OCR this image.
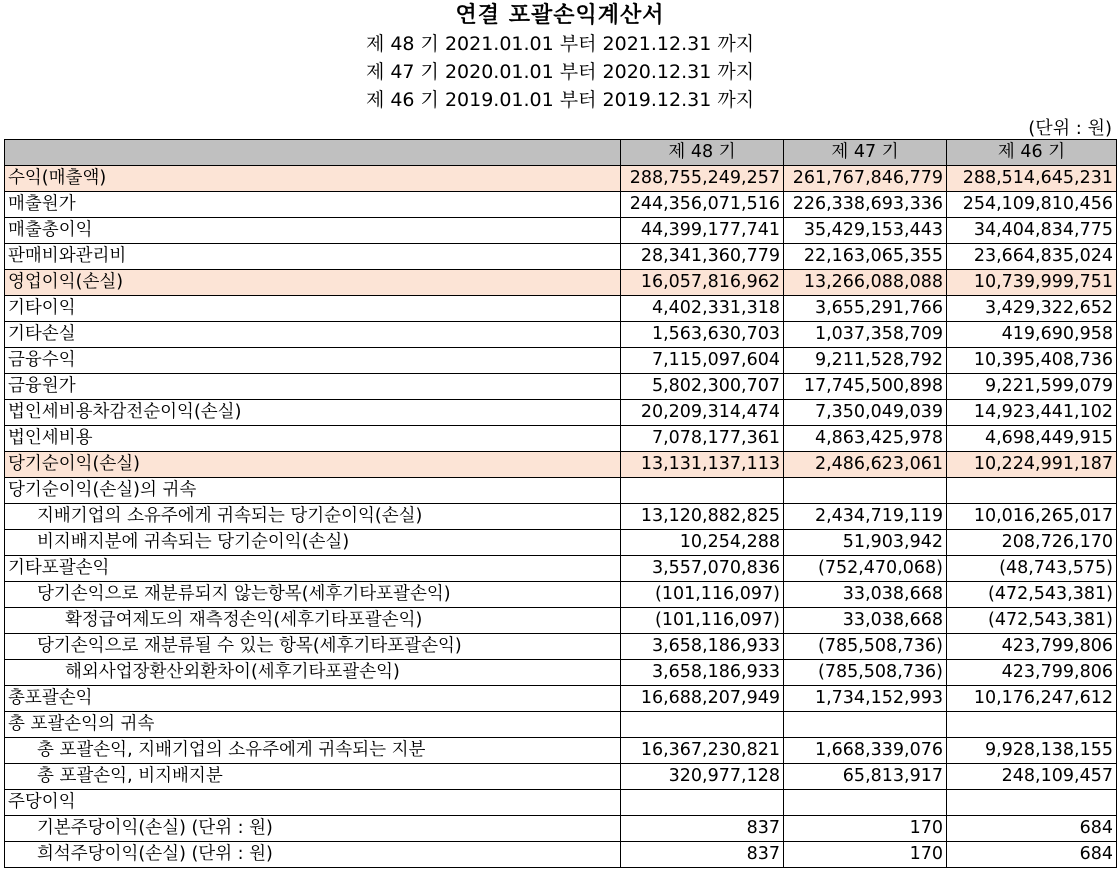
연결 포괄손익계산서
제 48 기 2021.01.01 부터 2021.12.31 까지
제 47 기 2020.01.01 부터 2020.12.31 까지
제 46 기 2019.01.01 부터 2019.12.31 까지
(단위 : 원)
	제 48 기	제 47 기	제 46 기
수익(매출액)	288,755,249,257	261,767,846,779	288,514,645,231
매출원가	244,356,071,516	226,338,693,336	254,109,810,456
매출총이익	44,399,177,741	35,429,153,443	34,404,834,775
판매비와관리비	28,341,360,779	22,163,065,355	23,664,835,024
영업이익(손실)	16,057,816,962	13,266,088,088	10,739,999,751
기타이익	4,402,331,318	3,655,291,766	3,429,322,652
기타손실	1,563,630,703	1,037,358,709	419,690,958
금융수익	7,115,097,604	9,211,528,792	10,395,408,736
금융원가	5,802,300,707	17,745,500,898	9,221,599,079
법인세비용차감전순이익(손실)	20,209,314,474	7,350,049,039	14,923,441,102
법인세비용	7,078,177,361	4,863,425,978	4,698,449,915
당기순이익(손실)	13,131,137,113	2,486,623,061	10,224,991,187
당기순이익(손실)의 귀속			
지배기업의 소유주에게 귀속되는 당기순이익(손실)	13,120,882,825	2,434,719,119	10,016,265,017
비지배지분에 귀속되는 당기순이익(손실)	10,254,288	51,903,942	208,726,170
기타포괄손익	3,557,070,836	(752,470,068)	(48,743,575)
당기손익으로 재분류되지 않는항목(세후기타포괄손익)	(101,116,097)	33,038,668	(472,543,381)
확정급여제도의 재측정손익(세후기타포괄손익)	(101,116,097)	33,038,668	(472,543,381)
당기손익으로 재분류될 수 있는 항목(세후기타포괄손익)	3,658,186,933	(785,508,736)	423,799,806
해외사업장환산외환차이(세후기타포괄손익)	3,658,186,933	(785,508,736)	423,799,806
총포괄손익	16,688,207,949	1,734,152,993	10,176,247,612
총 포괄손익의 귀속			
총 포괄손익, 지배기업의 소유주에게 귀속되는 지분	16,367,230,821	1,668,339,076	9,928,138,155
총 포괄손익, 비지배지분	320,977,128	65,813,917	248,109,457
주당이익			
기본주당이익(손실) (단위 : 원)	837	170	684
희석주당이익(손실) (단위 : 원)	837	170	684
